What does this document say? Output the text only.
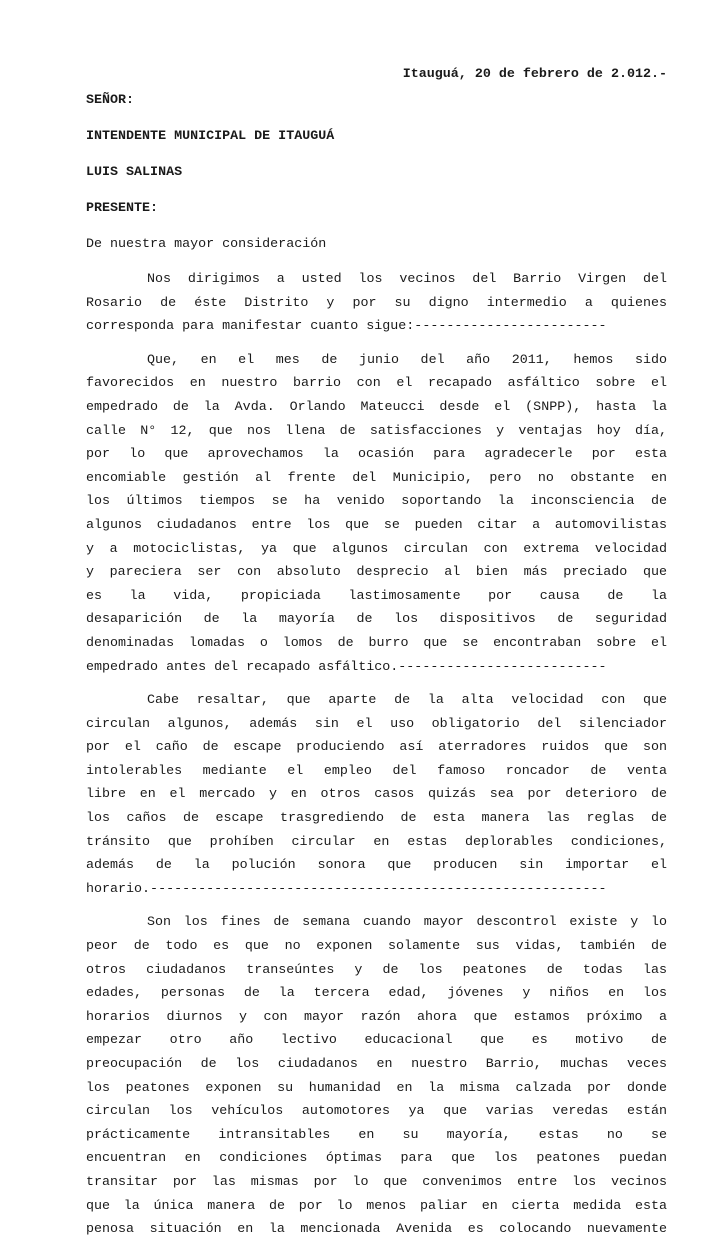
Itauguá, 20 de febrero de 2.012.-
SEÑOR:
INTENDENTE MUNICIPAL DE ITAUGUÁ
LUIS SALINAS
PRESENTE:
De nuestra mayor consideración
Nos dirigimos a usted los vecinos del Barrio Virgen del
Rosario de éste Distrito y por su digno intermedio a quienes
corresponda para manifestar cuanto sigue:------------------------
Que, en el mes de junio del año 2011, hemos sido
favorecidos en nuestro barrio con el recapado asfáltico sobre el
empedrado de la Avda. Orlando Mateucci desde el (SNPP), hasta la
calle N° 12, que nos llena de satisfacciones y ventajas hoy día,
por lo que aprovechamos la ocasión para agradecerle por esta
encomiable gestión al frente del Municipio, pero no obstante en
los últimos tiempos se ha venido soportando la inconsciencia de
algunos ciudadanos entre los que se pueden citar a automovilistas
y a motociclistas, ya que algunos circulan con extrema velocidad
y pareciera ser con absoluto desprecio al bien más preciado que
es la vida, propiciada lastimosamente por causa de la
desaparición de la mayoría de los dispositivos de seguridad
denominadas lomadas o lomos de burro que se encontraban sobre el
empedrado antes del recapado asfáltico.--------------------------
Cabe resaltar, que aparte de la alta velocidad con que
circulan algunos, además sin el uso obligatorio del silenciador
por el caño de escape produciendo así aterradores ruidos que son
intolerables mediante el empleo del famoso roncador de venta
libre en el mercado y en otros casos quizás sea por deterioro de
los caños de escape trasgrediendo de esta manera las reglas de
tránsito que prohíben circular en estas deplorables condiciones,
además de la polución sonora que producen sin importar el
horario.---------------------------------------------------------
Son los fines de semana cuando mayor descontrol existe y lo
peor de todo es que no exponen solamente sus vidas, también de
otros ciudadanos transeúntes y de los peatones de todas las
edades, personas de la tercera edad, jóvenes y niños en los
horarios diurnos y con mayor razón ahora que estamos próximo a
empezar otro año lectivo educacional que es motivo de
preocupación de los ciudadanos en nuestro Barrio, muchas veces
los peatones exponen su humanidad en la misma calzada por donde
circulan los vehículos automotores ya que varias veredas están
prácticamente intransitables en su mayoría, estas no se
encuentran en condiciones óptimas para que los peatones puedan
transitar por las mismas por lo que convenimos entre los vecinos
que la única manera de por lo menos paliar en cierta medida esta
penosa situación en la mencionada Avenida es colocando nuevamente
